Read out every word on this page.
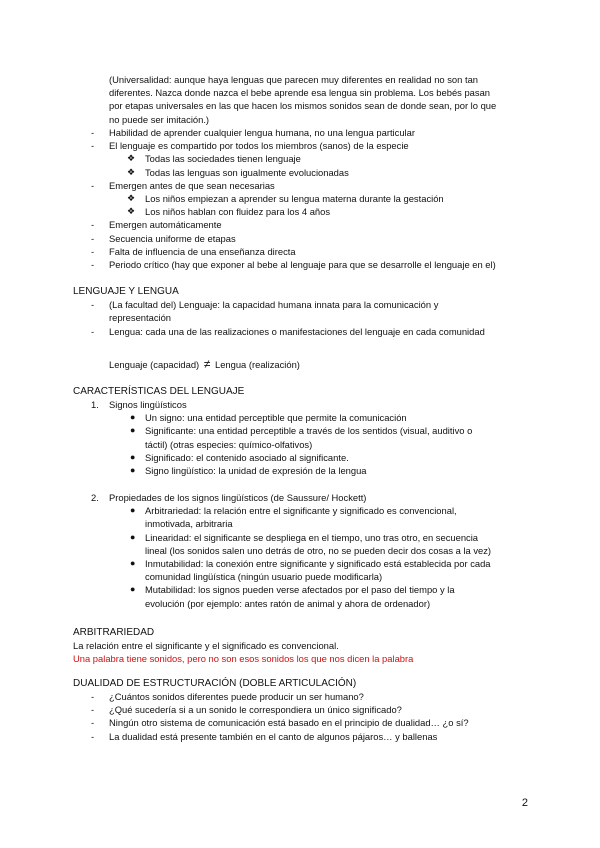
(Universalidad: aunque haya lenguas que parecen muy diferentes en realidad no son tan
diferentes. Nazca donde nazca el bebe aprende esa lengua sin problema. Los bebés pasan
por etapas universales en las que hacen los mismos sonidos sean de donde sean, por lo que
no puede ser imitación.)
- Habilidad de aprender cualquier lengua humana, no una lengua particular
- El lenguaje es compartido por todos los miembros (sanos) de la especie
❖ Todas las sociedades tienen lenguaje
❖ Todas las lenguas son igualmente evolucionadas
- Emergen antes de que sean necesarias
❖ Los niños empiezan a aprender su lengua materna durante la gestación
❖ Los niños hablan con fluidez para los 4 años
- Emergen automáticamente
- Secuencia uniforme de etapas
- Falta de influencia de una enseñanza directa
- Periodo crítico (hay que exponer al bebe al lenguaje para que se desarrolle el lenguaje en el)
LENGUAJE Y LENGUA
- (La facultad del) Lenguaje: la capacidad humana innata para la comunicación y
representación
- Lengua: cada una de las realizaciones o manifestaciones del lenguaje en cada comunidad
Lenguaje (capacidad) ≠ Lengua (realización)
CARACTERÍSTICAS DEL LENGUAJE
1. Signos lingüísticos
● Un signo: una entidad perceptible que permite la comunicación
● Significante: una entidad perceptible a través de los sentidos (visual, auditivo o
táctil) (otras especies: químico-olfativos)
● Significado: el contenido asociado al significante.
● Signo lingüístico: la unidad de expresión de la lengua
2. Propiedades de los signos lingüísticos (de Saussure/ Hockett)
● Arbitrariedad: la relación entre el significante y significado es convencional,
inmotivada, arbitraria
● Linearidad: el significante se despliega en el tiempo, uno tras otro, en secuencia
lineal (los sonidos salen uno detrás de otro, no se pueden decir dos cosas a la vez)
● Inmutabilidad: la conexión entre significante y significado está establecida por cada
comunidad lingüística (ningún usuario puede modificarla)
● Mutabilidad: los signos pueden verse afectados por el paso del tiempo y la
evolución (por ejemplo: antes ratón de animal y ahora de ordenador)
ARBITRARIEDAD
La relación entre el significante y el significado es convencional.
Una palabra tiene sonidos, pero no son esos sonidos los que nos dicen la palabra
DUALIDAD DE ESTRUCTURACIÓN (DOBLE ARTICULACIÓN)
- ¿Cuántos sonidos diferentes puede producir un ser humano?
- ¿Qué sucedería si a un sonido le correspondiera un único significado?
- Ningún otro sistema de comunicación está basado en el principio de dualidad… ¿o sí?
- La dualidad está presente también en el canto de algunos pájaros… y ballenas
2
